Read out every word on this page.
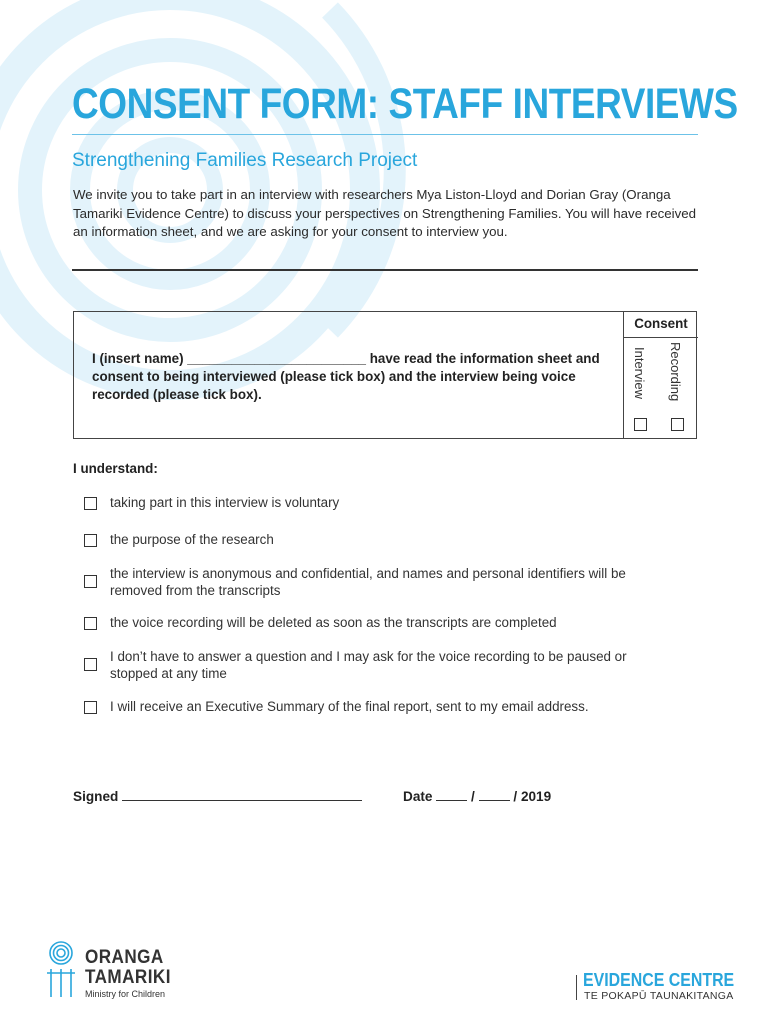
CONSENT FORM: STAFF INTERVIEWS
Strengthening Families Research Project

We invite you to take part in an interview with researchers Mya Liston-Lloyd and Dorian Gray (Oranga Tamariki Evidence Centre) to discuss your perspectives on Strengthening Families. You will have received an information sheet, and we are asking for your consent to interview you.

I (insert name) ________________________ have read the information sheet and consent to being interviewed (please tick box) and the interview being voice recorded (please tick box).

Consent
Interview Recording

I understand:

taking part in this interview is voluntary

the purpose of the research

the interview is anonymous and confidential, and names and personal identifiers will be removed from the transcripts

the voice recording will be deleted as soon as the transcripts are completed

I don’t have to answer a question and I may ask for the voice recording to be paused or stopped at any time

I will receive an Executive Summary of the final report, sent to my email address.

Signed	Date	/	/ 2019
ORANGA
TAMARIKI
Ministry for Children
EVIDENCE CENTRE
TE POKAPŪ TAUNAKITANGA
